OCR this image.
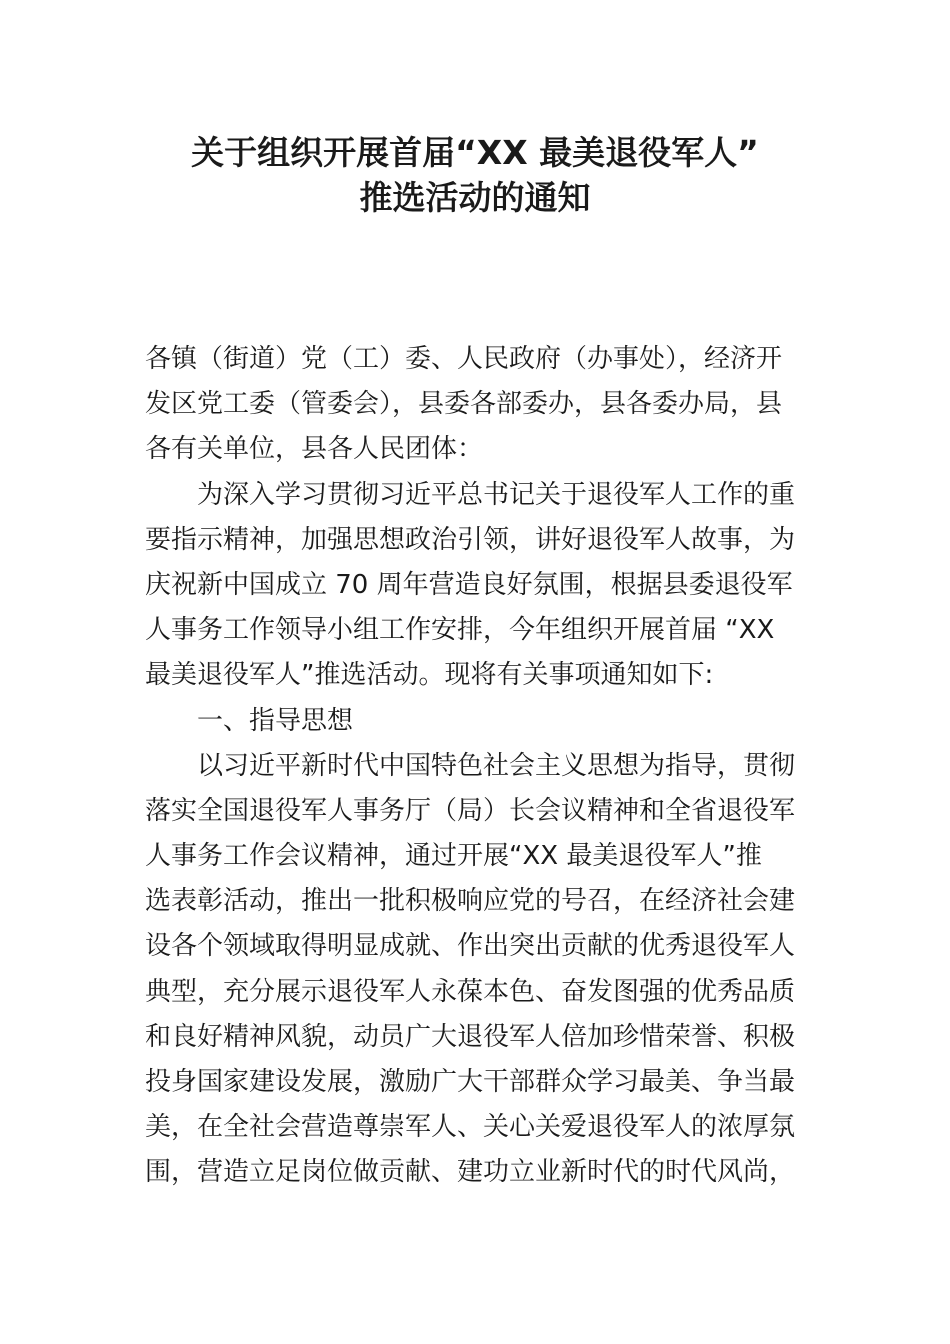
关于组织开展首届“XX 最美退役军人”
推选活动的通知
各镇（街道）党（工）委、人民政府（办事处），经济开
发区党工委（管委会），县委各部委办，县各委办局，县
各有关单位，县各人民团体：
为深入学习贯彻习近平总书记关于退役军人工作的重
要指示精神，加强思想政治引领，讲好退役军人故事，为
庆祝新中国成立 70 周年营造良好氛围，根据县委退役军
人事务工作领导小组工作安排，今年组织开展首届 “XX
最美退役军人”推选活动。现将有关事项通知如下:
一、指导思想
以习近平新时代中国特色社会主义思想为指导，贯彻
落实全国退役军人事务厅（局）长会议精神和全省退役军
人事务工作会议精神，通过开展“XX 最美退役军人”推
选表彰活动，推出一批积极响应党的号召，在经济社会建
设各个领域取得明显成就、作出突出贡献的优秀退役军人
典型，充分展示退役军人永葆本色、奋发图强的优秀品质
和良好精神风貌，动员广大退役军人倍加珍惜荣誉、积极
投身国家建设发展，激励广大干部群众学习最美、争当最
美，在全社会营造尊崇军人、关心关爱退役军人的浓厚氛
围，营造立足岗位做贡献、建功立业新时代的时代风尚，
